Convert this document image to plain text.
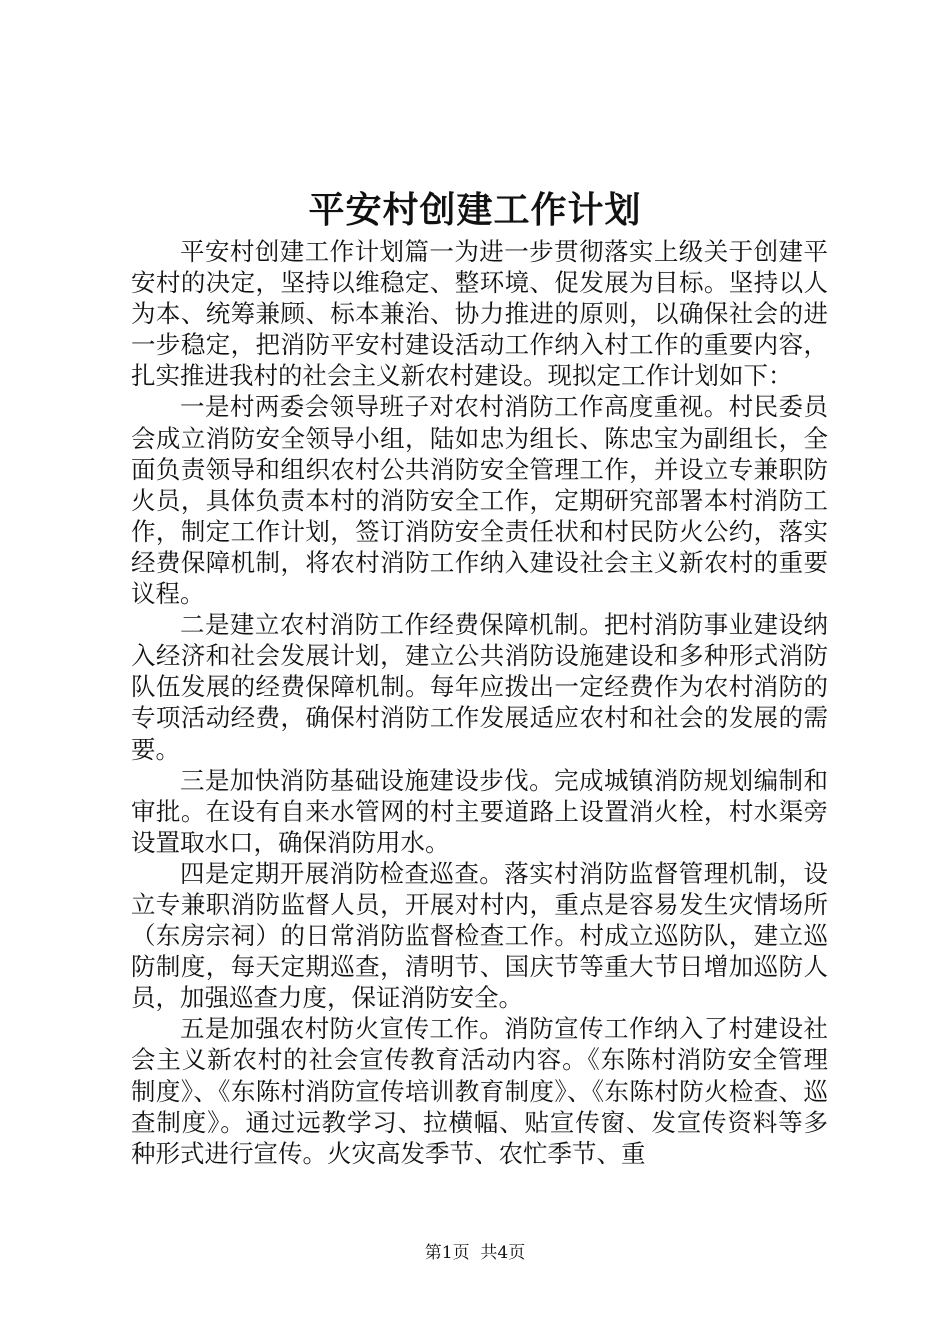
平安村创建工作计划

平安村创建工作计划篇一为进一步贯彻落实上级关于创建平安村的决定，坚持以维稳定、整环境、促发展为目标。坚持以人为本、统筹兼顾、标本兼治、协力推进的原则，以确保社会的进一步稳定，把消防平安村建设活动工作纳入村工作的重要内容，扎实推进我村的社会主义新农村建设。现拟定工作计划如下：

一是村两委会领导班子对农村消防工作高度重视。村民委员会成立消防安全领导小组，陆如忠为组长、陈忠宝为副组长，全面负责领导和组织农村公共消防安全管理工作，并设立专兼职防火员，具体负责本村的消防安全工作，定期研究部署本村消防工作，制定工作计划，签订消防安全责任状和村民防火公约，落实经费保障机制，将农村消防工作纳入建设社会主义新农村的重要议程。

二是建立农村消防工作经费保障机制。把村消防事业建设纳入经济和社会发展计划，建立公共消防设施建设和多种形式消防队伍发展的经费保障机制。每年应拨出一定经费作为农村消防的专项活动经费，确保村消防工作发展适应农村和社会的发展的需要。

三是加快消防基础设施建设步伐。完成城镇消防规划编制和审批。在设有自来水管网的村主要道路上设置消火栓，村水渠旁设置取水口，确保消防用水。

四是定期开展消防检查巡查。落实村消防监督管理机制，设立专兼职消防监督人员，开展对村内，重点是容易发生灾情场所（东房宗祠）的日常消防监督检查工作。村成立巡防队，建立巡防制度，每天定期巡查，清明节、国庆节等重大节日增加巡防人员，加强巡查力度，保证消防安全。

五是加强农村防火宣传工作。消防宣传工作纳入了村建设社会主义新农村的社会宣传教育活动内容。《东陈村消防安全管理制度》、《东陈村消防宣传培训教育制度》、《东陈村防火检查、巡查制度》。通过远教学习、拉横幅、贴宣传窗、发宣传资料等多种形式进行宣传。火灾高发季节、农忙季节、重

第1页 共4页
